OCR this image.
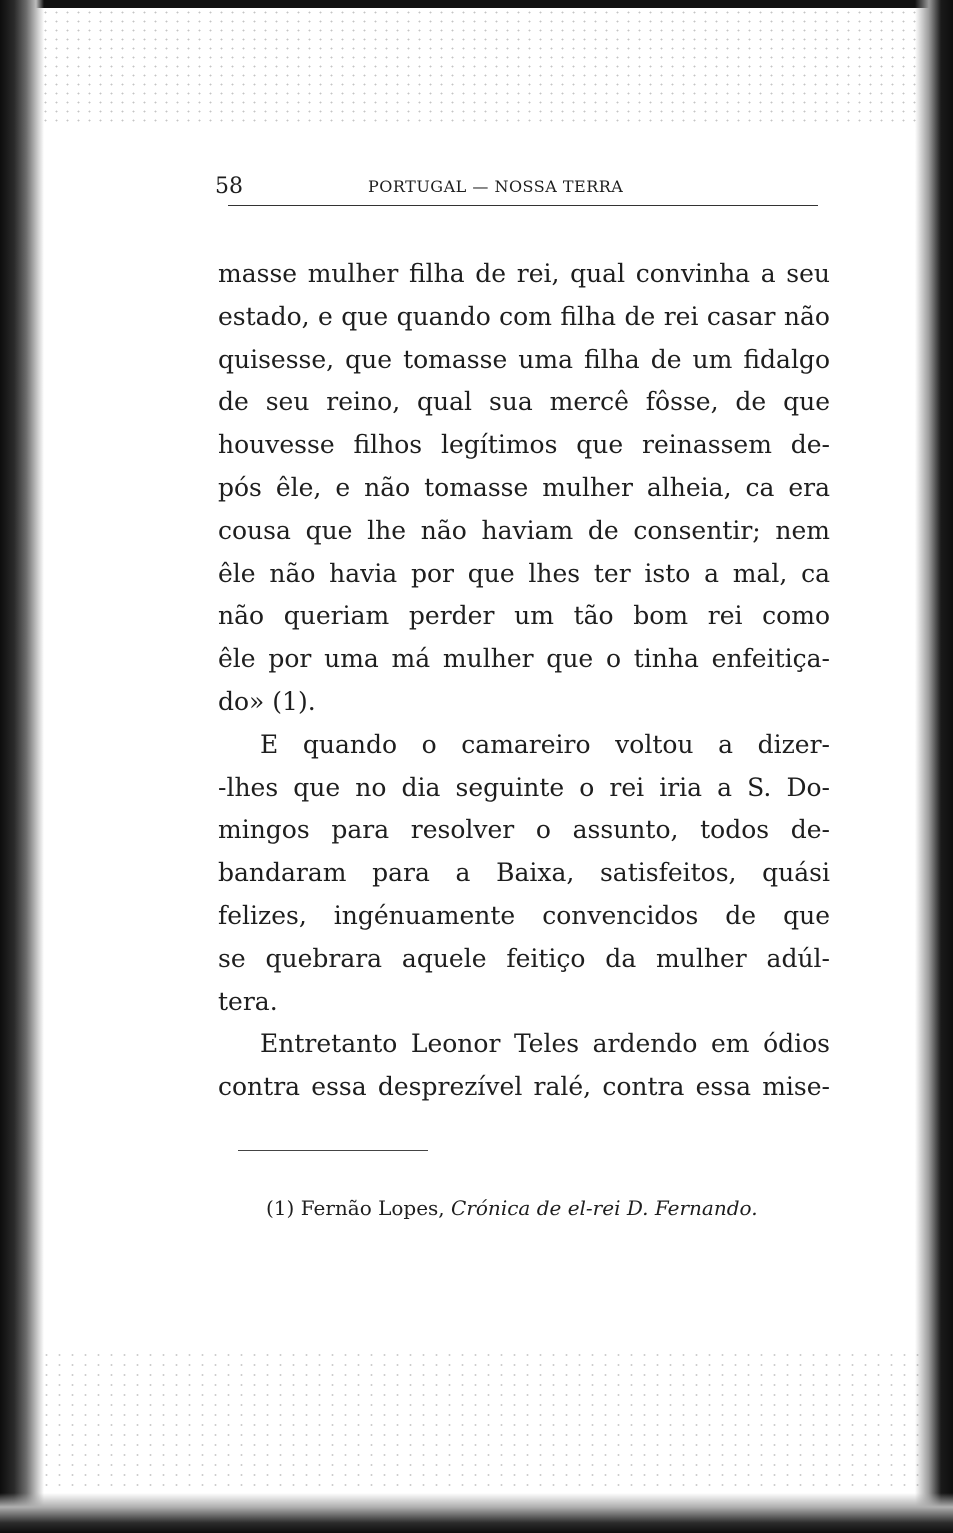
58	PORTUGAL — NOSSA TERRA
masse mulher filha de rei, qual convinha a seu
estado, e que quando com filha de rei casar não
quisesse, que tomasse uma filha de um fidalgo
de seu reino, qual sua mercê fôsse, de que
houvesse filhos legítimos que reinassem de-
pós êle, e não tomasse mulher alheia, ca era
cousa que lhe não haviam de consentir; nem
êle não havia por que lhes ter isto a mal, ca
não queriam perder um tão bom rei como
êle por uma má mulher que o tinha enfeitiça-
do» (1).
E quando o camareiro voltou a dizer-
-lhes que no dia seguinte o rei iria a S. Do-
mingos para resolver o assunto, todos de-
bandaram para a Baixa, satisfeitos, quási
felizes, ingénuamente convencidos de que
se quebrara aquele feitiço da mulher adúl-
tera.
Entretanto Leonor Teles ardendo em ódios
contra essa desprezível ralé, contra essa mise-
(1) Fernão Lopes, Crónica de el-rei D. Fernando.
